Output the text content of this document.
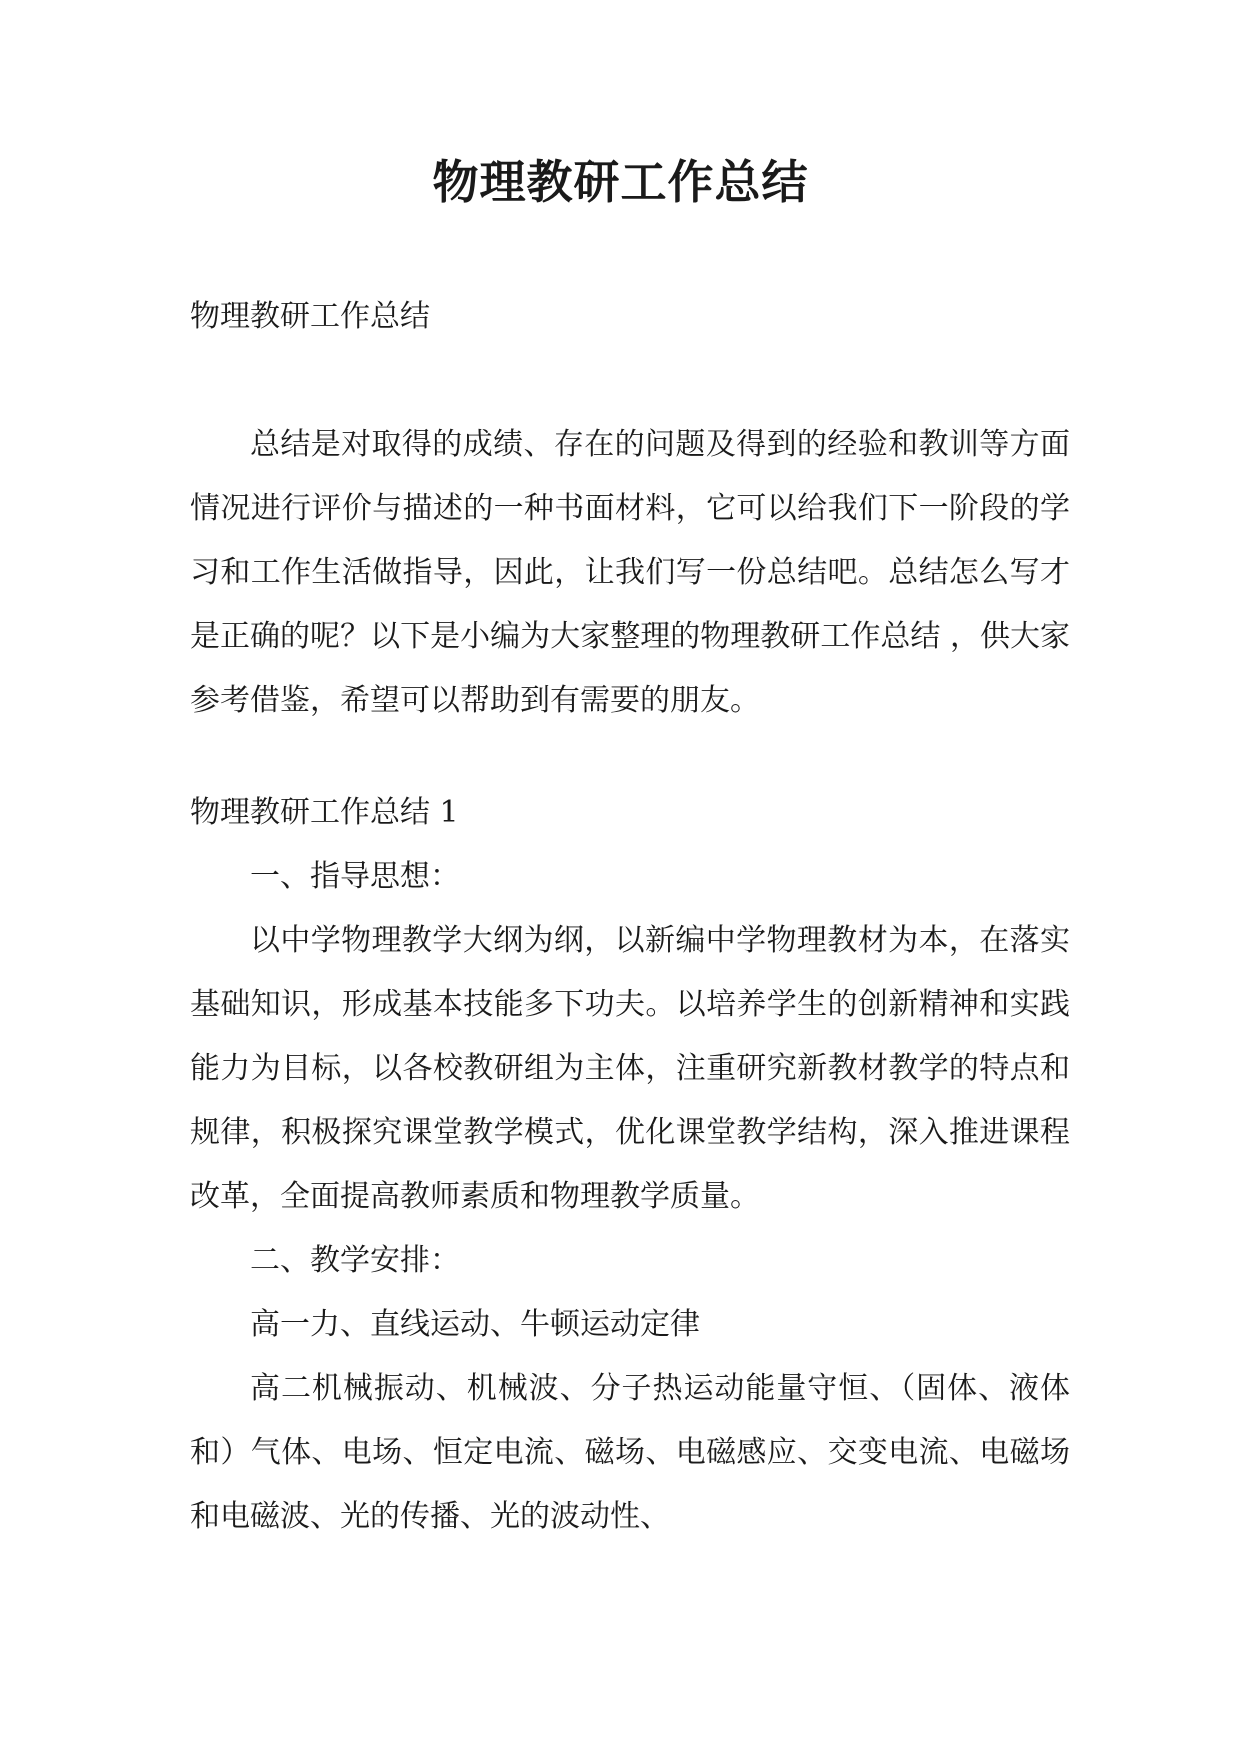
物理教研工作总结

物理教研工作总结

总结是对取得的成绩、存在的问题及得到的经验和教训等方面情况进行评价与描述的一种书面材料，它可以给我们下一阶段的学习和工作生活做指导，因此，让我们写一份总结吧。总结怎么写才是正确的呢？以下是小编为大家整理的物理教研工作总结 ，供大家参考借鉴，希望可以帮助到有需要的朋友。

物理教研工作总结 1

一、指导思想：

以中学物理教学大纲为纲，以新编中学物理教材为本，在落实基础知识，形成基本技能多下功夫。以培养学生的创新精神和实践能力为目标，以各校教研组为主体，注重研究新教材教学的特点和规律，积极探究课堂教学模式，优化课堂教学结构，深入推进课程改革，全面提高教师素质和物理教学质量。

二、教学安排：

高一力、直线运动、牛顿运动定律

高二机械振动、机械波、分子热运动能量守恒、（固体、液体和）气体、电场、恒定电流、磁场、电磁感应、交变电流、电磁场和电磁波、光的传播、光的波动性、
